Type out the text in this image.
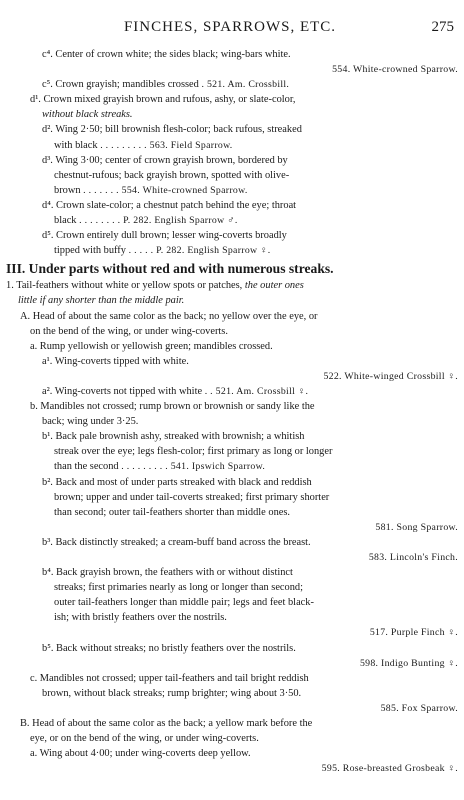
FINCHES, SPARROWS, ETC.	275

c⁴. Center of crown white; the sides black; wing-bars white.

554. White-crowned Sparrow.

c⁵. Crown grayish; mandibles crossed . 521. Am. Crossbill.

d¹. Crown mixed grayish brown and rufous, ashy, or slate-color,
without black streaks.

d². Wing 2·50; bill brownish flesh-color; back rufous, streaked
with black . . . . . . . . . 563. Field Sparrow.

d³. Wing 3·00; center of crown grayish brown, bordered by
chestnut-rufous; back grayish brown, spotted with olive-
brown . . . . . . . 554. White-crowned Sparrow.

d⁴. Crown slate-color; a chestnut patch behind the eye; throat
black . . . . . . . . P. 282. English Sparrow ♂.

d⁵. Crown entirely dull brown; lesser wing-coverts broadly
tipped with buffy . . . . . P. 282. English Sparrow ♀.

III. Under parts without red and with numerous streaks.

1. Tail-feathers without white or yellow spots or patches, the outer ones
little if any shorter than the middle pair.

A. Head of about the same color as the back; no yellow over the eye, or
on the bend of the wing, or under wing-coverts.

a. Rump yellowish or yellowish green; mandibles crossed.

a¹. Wing-coverts tipped with white.

522. White-winged Crossbill ♀.

a². Wing-coverts not tipped with white . . 521. Am. Crossbill ♀.

b. Mandibles not crossed; rump brown or brownish or sandy like the
back; wing under 3·25.

b¹. Back pale brownish ashy, streaked with brownish; a whitish
streak over the eye; legs flesh-color; first primary as long or longer
than the second . . . . . . . . . 541. Ipswich Sparrow.

b². Back and most of under parts streaked with black and reddish
brown; upper and under tail-coverts streaked; first primary shorter
than second; outer tail-feathers shorter than middle ones.

581. Song Sparrow.

b³. Back distinctly streaked; a cream-buff band across the breast.

583. Lincoln's Finch.

b⁴. Back grayish brown, the feathers with or without distinct
streaks; first primaries nearly as long or longer than second;
outer tail-feathers longer than middle pair; legs and feet black-
ish; with bristly feathers over the nostrils.

517. Purple Finch ♀.

b⁵. Back without streaks; no bristly feathers over the nostrils.

598. Indigo Bunting ♀.

c. Mandibles not crossed; upper tail-feathers and tail bright reddish
brown, without black streaks; rump brighter; wing about 3·50.

585. Fox Sparrow.

B. Head of about the same color as the back; a yellow mark before the
eye, or on the bend of the wing, or under wing-coverts.

a. Wing about 4·00; under wing-coverts deep yellow.

595. Rose-breasted Grosbeak ♀.
